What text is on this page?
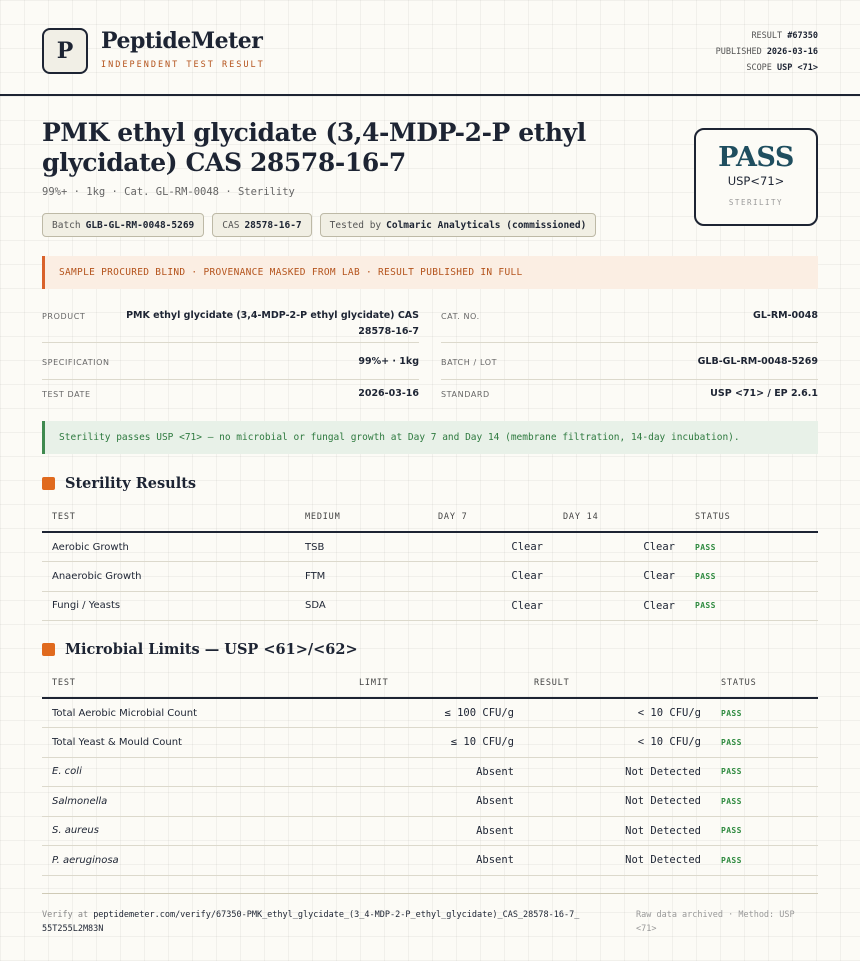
P PeptideMeter
INDEPENDENT TEST RESULT
RESULT #67350
PUBLISHED 2026-03-16
SCOPE USP <71>
PMK ethyl glycidate (3,4-MDP-2-P ethyl glycidate) CAS 28578-16-7
99%+ · 1kg · Cat. GL-RM-0048 · Sterility
Batch GLB-GL-RM-0048-5269	CAS 28578-16-7	Tested by Colmaric Analyticals (commissioned)
PASS
USP<71>
STERILITY
SAMPLE PROCURED BLIND · PROVENANCE MASKED FROM LAB · RESULT PUBLISHED IN FULL
PRODUCT	PMK ethyl glycidate (3,4-MDP-2-P ethyl glycidate) CAS 28578-16-7
SPECIFICATION	99%+ · 1kg
TEST DATE	2026-03-16
CAT. NO.	GL-RM-0048
BATCH / LOT	GLB-GL-RM-0048-5269
STANDARD	USP <71> / EP 2.6.1
Sterility passes USP <71> — no microbial or fungal growth at Day 7 and Day 14 (membrane filtration, 14-day incubation).
Sterility Results
TEST	MEDIUM	DAY 7	DAY 14	STATUS
Aerobic Growth	TSB	Clear	Clear	PASS
Anaerobic Growth	FTM	Clear	Clear	PASS
Fungi / Yeasts	SDA	Clear	Clear	PASS
Microbial Limits — USP <61>/<62>
TEST	LIMIT	RESULT	STATUS
Total Aerobic Microbial Count	≤ 100 CFU/g	< 10 CFU/g	PASS
Total Yeast & Mould Count	≤ 10 CFU/g	< 10 CFU/g	PASS
E. coli	Absent	Not Detected	PASS
Salmonella	Absent	Not Detected	PASS
S. aureus	Absent	Not Detected	PASS
P. aeruginosa	Absent	Not Detected	PASS
Verify at peptidemeter.com/verify/67350-PMK_ethyl_glycidate_(3_4-MDP-2-P_ethyl_glycidate)_CAS_28578-16-7_55T255L2M83N
Raw data archived · Method: USP <71>
